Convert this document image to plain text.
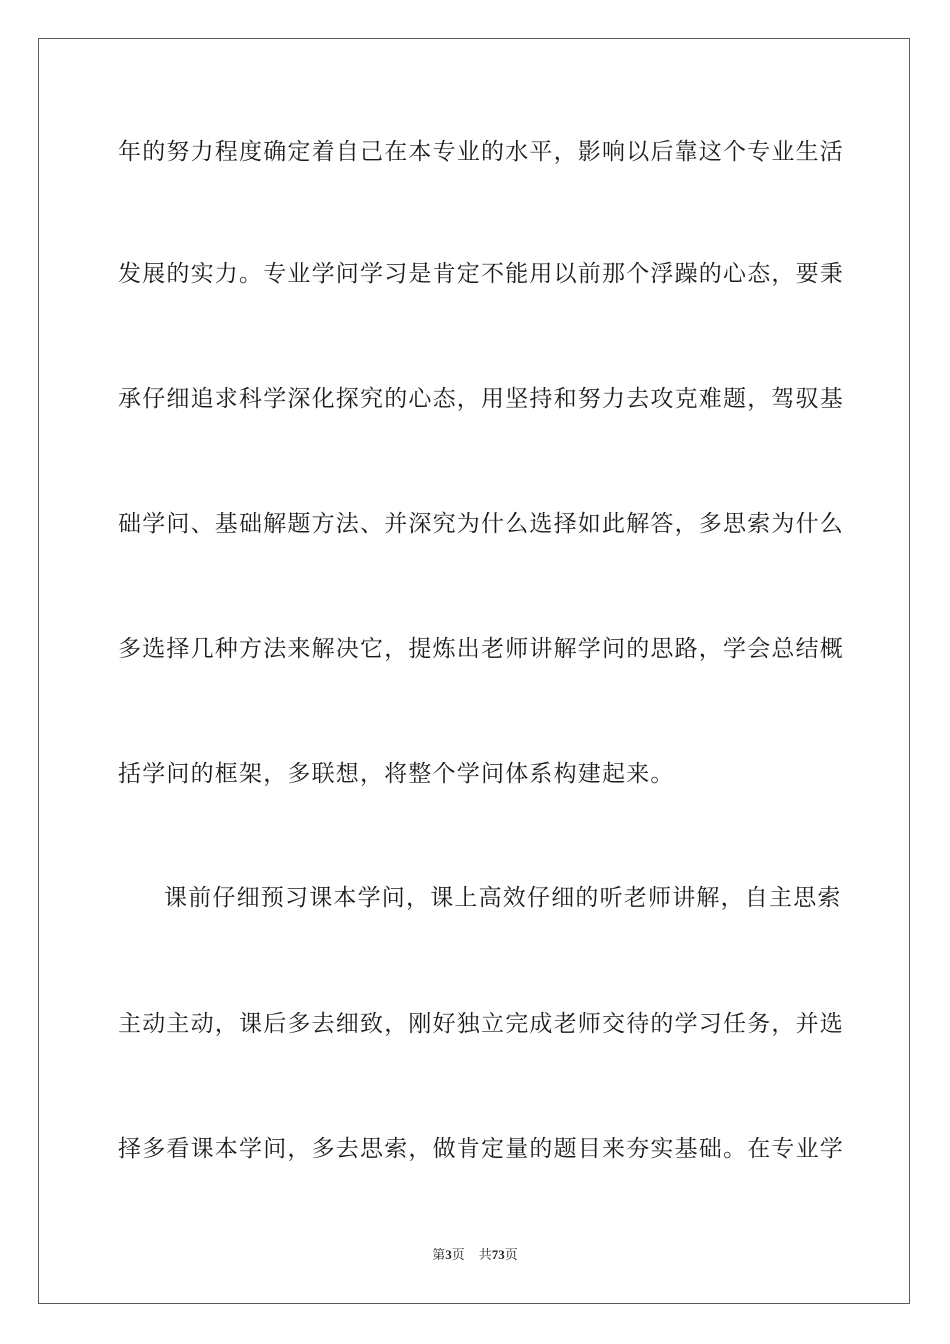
年的努力程度确定着自己在本专业的水平，影响以后靠这个专业生活
发展的实力。专业学问学习是肯定不能用以前那个浮躁的心态，要秉
承仔细追求科学深化探究的心态，用坚持和努力去攻克难题，驾驭基
础学问、基础解题方法、并深究为什么选择如此解答，多思索为什么
多选择几种方法来解决它，提炼出老师讲解学问的思路，学会总结概
括学问的框架，多联想，将整个学问体系构建起来。
课前仔细预习课本学问，课上高效仔细的听老师讲解，自主思索
主动主动，课后多去细致，刚好独立完成老师交待的学习任务，并选
择多看课本学问，多去思索，做肯定量的题目来夯实基础。在专业学
第3页 共73页
